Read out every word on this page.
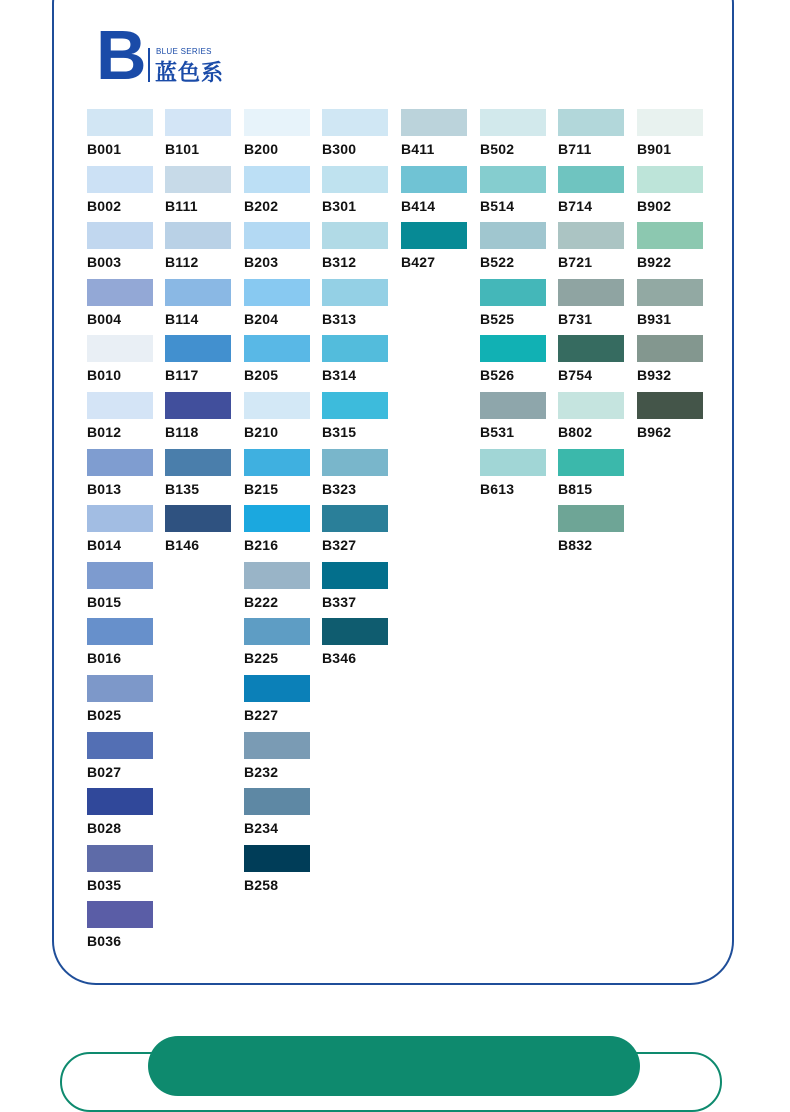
B BLUE SERIES
蓝色系
B001
B002
B003
B004
B010
B012
B013
B014
B015
B016
B025
B027
B028
B035
B036
B101
B111
B112
B114
B117
B118
B135
B146
B200
B202
B203
B204
B205
B210
B215
B216
B222
B225
B227
B232
B234
B258
B300
B301
B312
B313
B314
B315
B323
B327
B337
B346
B411
B414
B427
B502
B514
B522
B525
B526
B531
B613
B711
B714
B721
B731
B754
B802
B815
B832
B901
B902
B922
B931
B932
B962
